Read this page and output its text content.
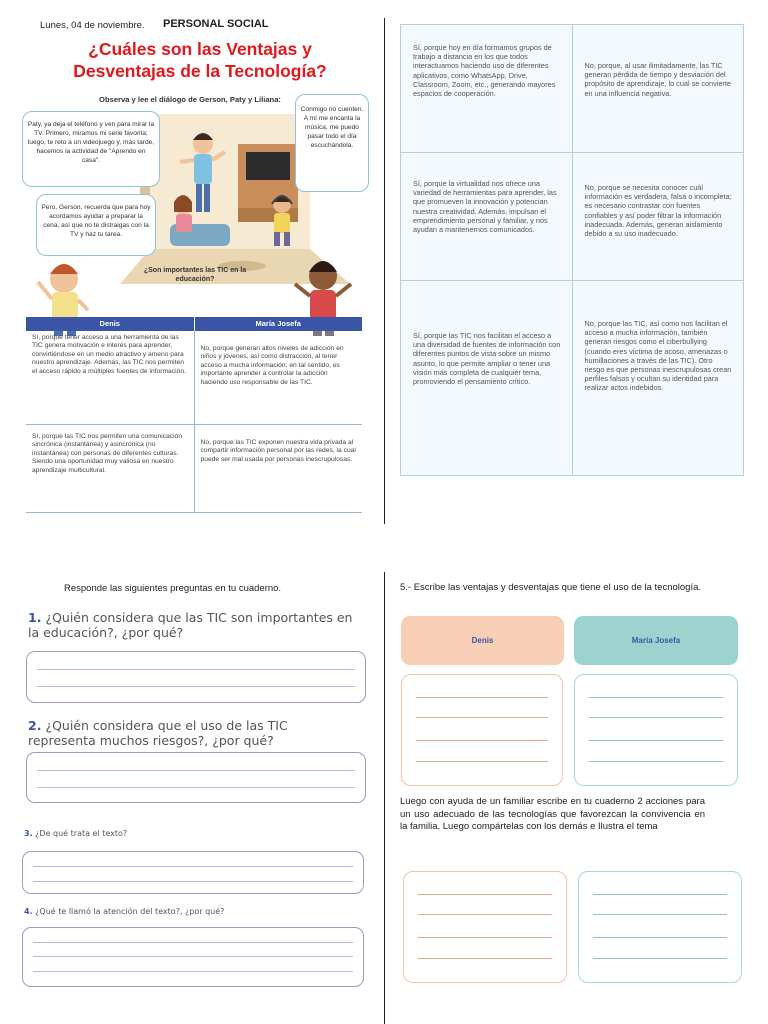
Lunes, 04 de noviembre. PERSONAL SOCIAL
¿Cuáles son las Ventajas y
Desventajas de la Tecnología?
Observa y lee el diálogo de Gerson, Paty y Liliana:
Paty, ya deja el teléfono y ven para mirar la TV. Primero, miramos mi serie favorita; luego, te reto a un videojuego y, más tarde, hacemos la actividad de "Aprendo en casa".
Conmigo no cuenten. A mí me encanta la música, me puedo pasar todo el día escuchándola.
Pero, Gerson, recuerda que para hoy acordamos ayudar a preparar la cena, así que no te distraigas con la TV y haz tu tarea.
¿Son importantes las TIC en la educación?
Denis	María Josefa
Sí, porque tener acceso a una herramienta de las TIC genera motivación e interés para aprender, convirtiéndose en un medio atractivo y ameno para nuestro aprendizaje. Además, las TIC nos permiten el acceso rápido a múltiples fuentes de información.
No, porque generan altos niveles de adicción en niños y jóvenes, así como distracción, al tener acceso a mucha información; en tal sentido, es importante aprender a controlar la adicción haciendo uso responsable de las TIC.
Sí, porque las TIC nos permiten una comunicación sincrónica (instantánea) y asincrónica (no instantánea) con personas de diferentes culturas. Siendo una oportunidad muy valiosa en nuestro aprendizaje multicultural.
No, porque las TIC exponen nuestra vida privada al compartir información personal por las redes, la cual puede ser mal usada por personas inescrupulosas.
Sí, porque hoy en día formamos grupos de trabajo a distancia en los que todos interactuamos haciendo uso de diferentes aplicativos, como WhatsApp, Drive, Classroom, Zoom, etc., generando mayores espacios de cooperación.
No, porque, al usar ilimitadamente, las TIC generan pérdida de tiempo y desviación del propósito de aprendizaje, lo cual se convierte en una influencia negativa.
Sí, porque la virtualidad nos ofrece una variedad de herramientas para aprender, las que promueven la innovación y potencian nuestra creatividad. Además, impulsan el emprendimiento personal y familiar, y nos ayudan a mantenernos comunicados.
No, porque se necesita conocer cuál información es verdadera, falsa o incompleta; es necesario contrastar con fuentes confiables y así poder filtrar la información inadecuada. Además, generan aislamiento debido a su uso inadecuado.
Sí, porque las TIC nos facilitan el acceso a una diversidad de fuentes de información con diferentes puntos de vista sobre un mismo asunto, lo que permite ampliar o tener una visión más completa de cualquier tema, promoviendo el pensamiento crítico.
No, porque las TIC, así como nos facilitan el acceso a mucha información, también generan riesgos como el ciberbullying (cuando eres víctima de acoso, amenazas o humillaciones a través de las TIC). Otro riesgo es que personas inescrupulosas crean perfiles falsos y ocultan su identidad para realizar actos indebidos.
Responde las siguientes preguntas en tu cuaderno.
1. ¿Quién considera que las TIC son importantes en la educación?, ¿por qué?
2. ¿Quién considera que el uso de las TIC representa muchos riesgos?, ¿por qué?
3. ¿De qué trata el texto?
4. ¿Qué te llamó la atención del texto?, ¿por qué?
5.- Escribe las ventajas y desventajas que tiene el uso de la tecnología.
Denis	María Josefa
Luego con ayuda de un familiar escribe en tu cuaderno 2 acciones para un uso adecuado de las tecnologías que favorezcan la convivencia en la familia. Luego compártelas con los demás e Ilustra el tema
